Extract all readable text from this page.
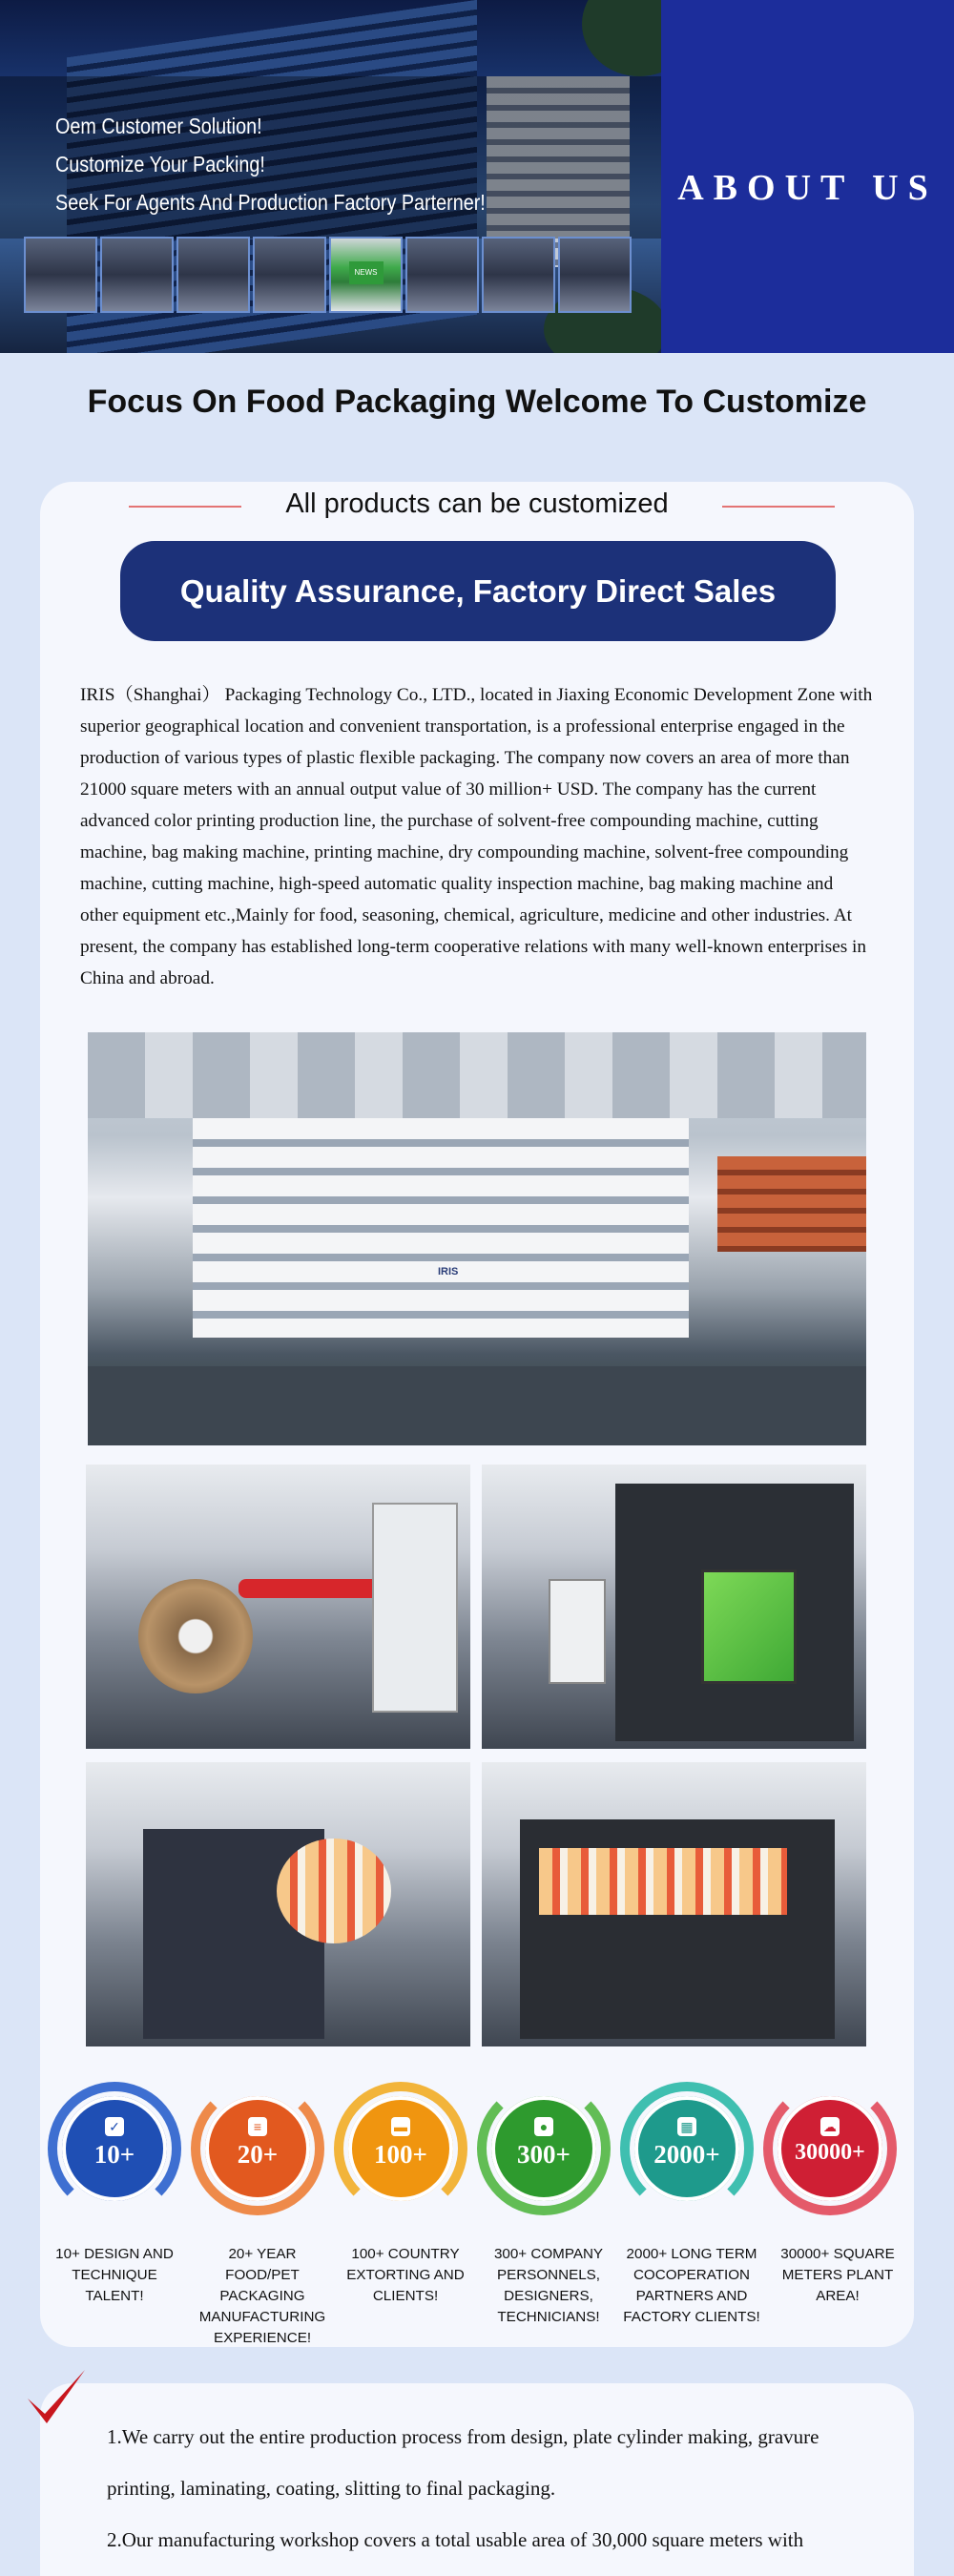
Oem Customer Solution!
Customize Your Packing!
Seek For Agents And Production Factory Parterner!
NEWS
ABOUT US
Focus On Food Packaging Welcome To Customize
All products can be customized
Quality Assurance, Factory Direct Sales
IRIS（Shanghai） Packaging Technology Co., LTD., located in Jiaxing Economic Development Zone with superior geographical location and convenient transportation, is a professional enterprise engaged in the production of various types of plastic flexible packaging. The company now covers an area of more than 21000 square meters with an annual output value of 30 million+ USD. The company has the current advanced color printing production line, the purchase of solvent-free compounding machine, cutting machine, bag making machine, printing machine, dry compounding machine, solvent-free compounding machine, cutting machine, high-speed automatic quality inspection machine, bag making machine and other equipment etc.,Mainly for food, seasoning, chemical, agriculture, medicine and other industries. At present, the company has established long-term cooperative relations with many well-known enterprises in China and abroad.
IRIS
✓
10+
≡
20+
▬
100+
●
300+
▦
2000+
☁
30000+
10+ DESIGN AND TECHNIQUE TALENT!
20+ YEAR FOOD/PET PACKAGING MANUFACTURING EXPERIENCE!
100+ COUNTRY EXTORTING AND CLIENTS!
300+ COMPANY PERSONNELS, DESIGNERS, TECHNICIANS!
2000+ LONG TERM COCOPERATION PARTNERS AND FACTORY CLIENTS!
30000+ SQUARE METERS PLANT AREA!
1.We carry out the entire production process from design, plate cylinder making, gravure
printing, laminating, coating, slitting to final packaging.
2.Our manufacturing workshop covers a total usable area of 30,000 square meters with
